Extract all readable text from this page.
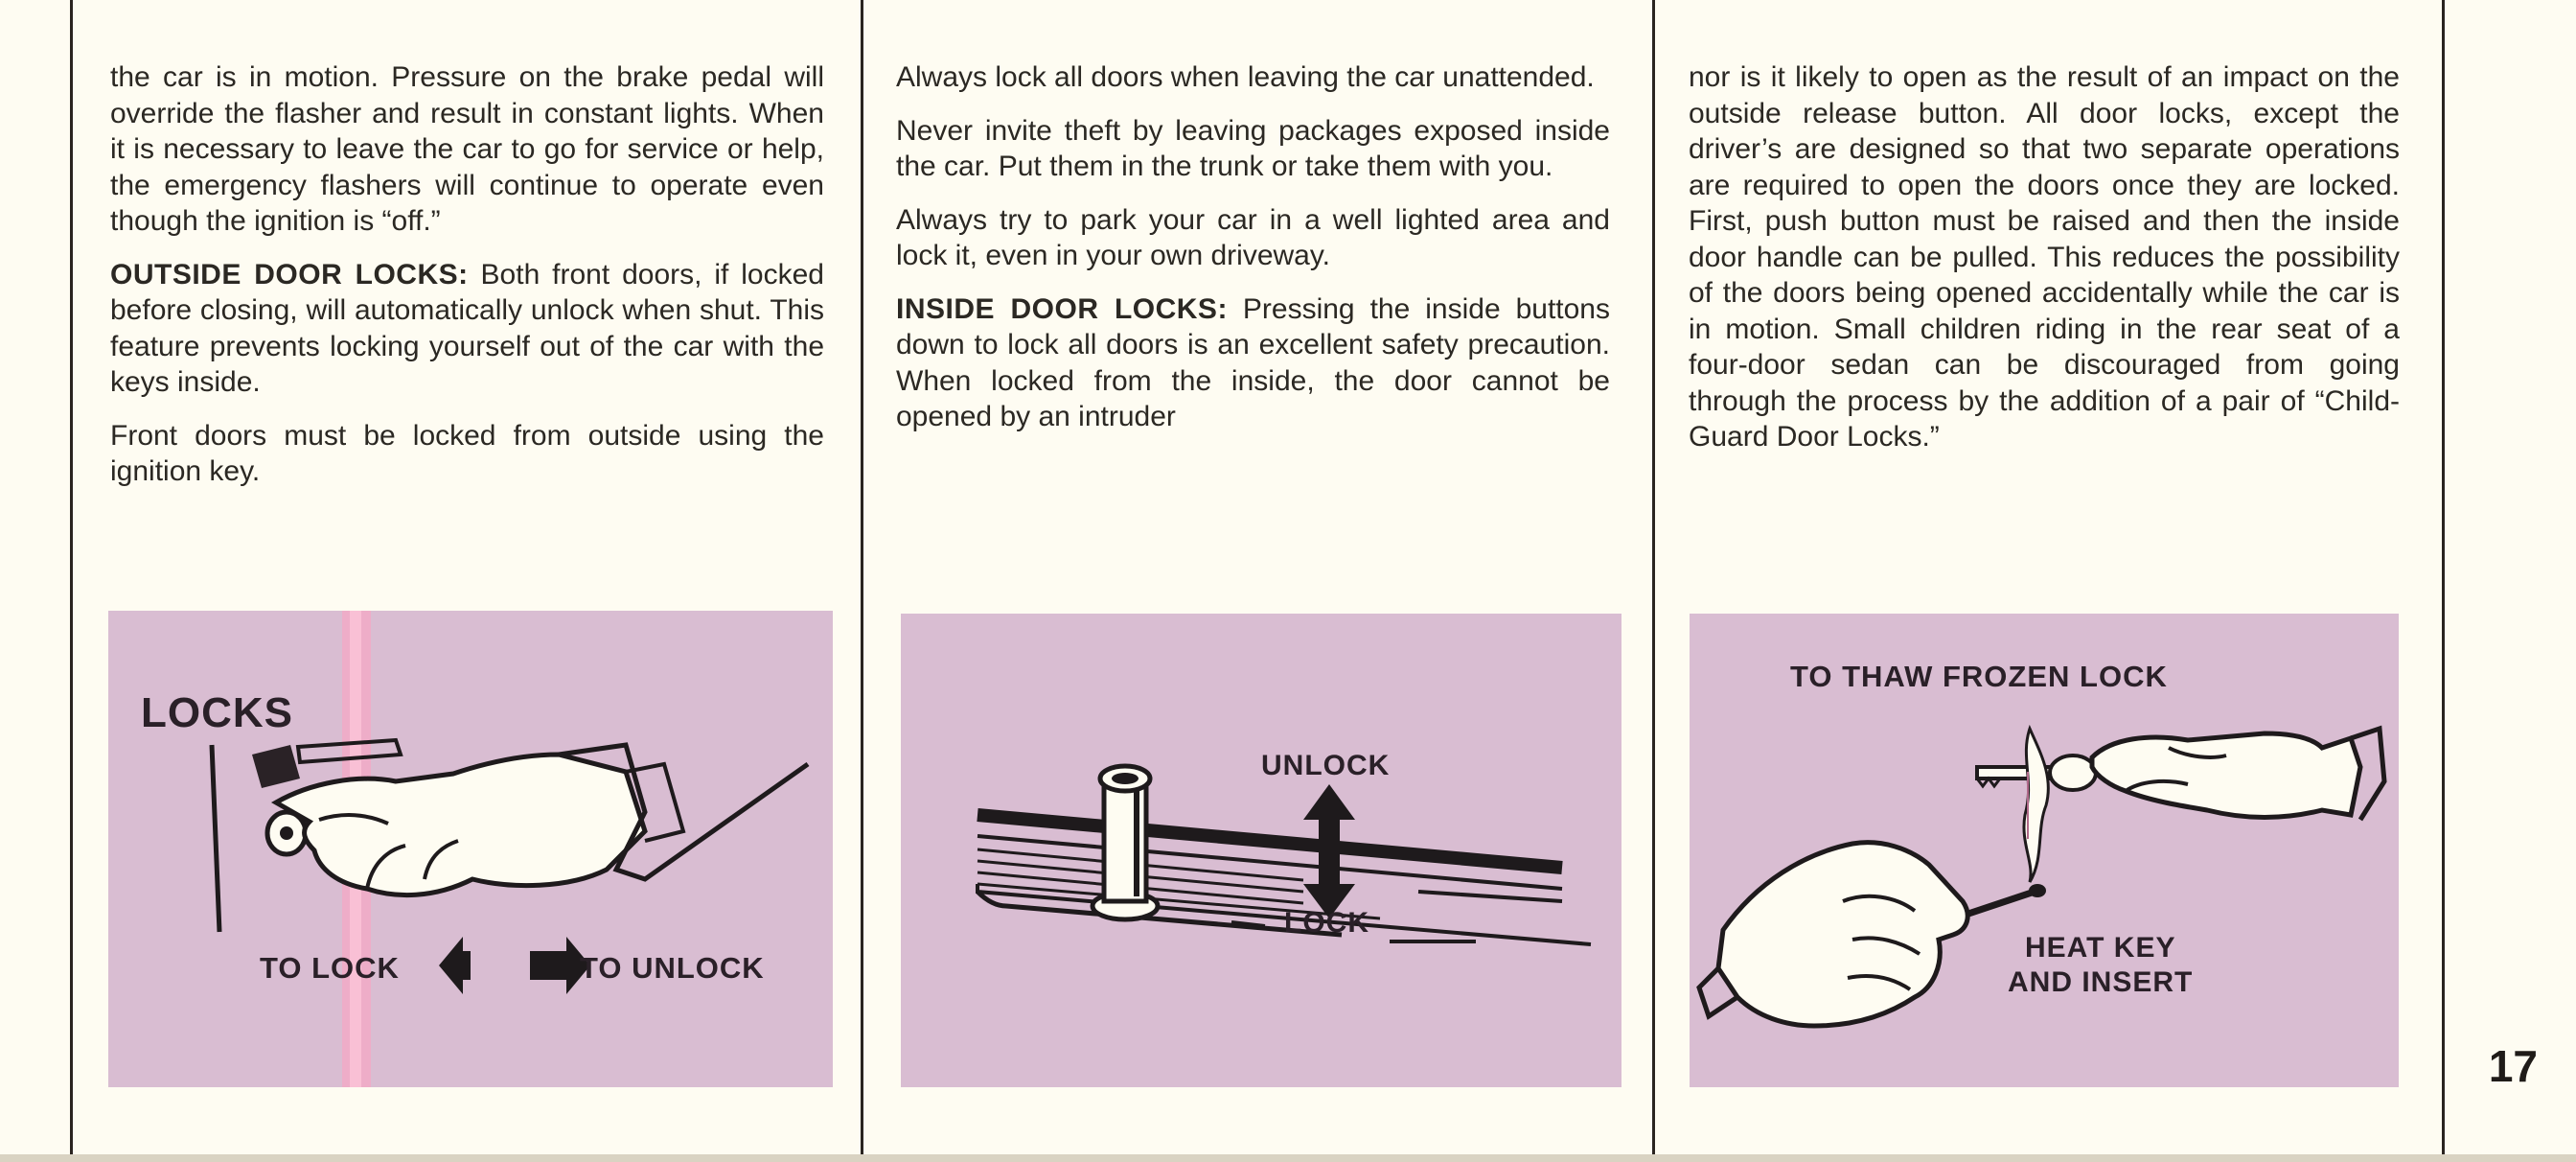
the car is in motion. Pressure on the brake pedal will override the flasher and result in constant lights. When it is necessary to leave the car to go for service or help, the emergency flashers will continue to operate even though the ignition is “off.”

OUTSIDE DOOR LOCKS: Both front doors, if locked before closing, will automatically unlock when shut. This feature prevents locking yourself out of the car with the keys inside.

Front doors must be locked from outside using the ignition key.

Always lock all doors when leaving the car unattended.

Never invite theft by leaving packages exposed inside the car. Put them in the trunk or take them with you.

Always try to park your car in a well lighted area and lock it, even in your own driveway.

INSIDE DOOR LOCKS: Pressing the inside buttons down to lock all doors is an excellent safety precaution. When locked from the inside, the door cannot be opened by an intruder

nor is it likely to open as the result of an impact on the outside release button. All door locks, except the driver’s are designed so that two separate operations are required to open the doors once they are locked. First, push button must be raised and then the inside door handle can be pulled. This reduces the possibility of the doors being opened accidentally while the car is in motion. Small children riding in the rear seat of a four-door sedan can be discouraged from going through the process by the addition of a pair of “Child-Guard Door Locks.”

LOCKS
TO LOCK	TO UNLOCK
UNLOCK
LOCK
TO THAW FROZEN LOCK
HEAT KEY
AND INSERT
17
